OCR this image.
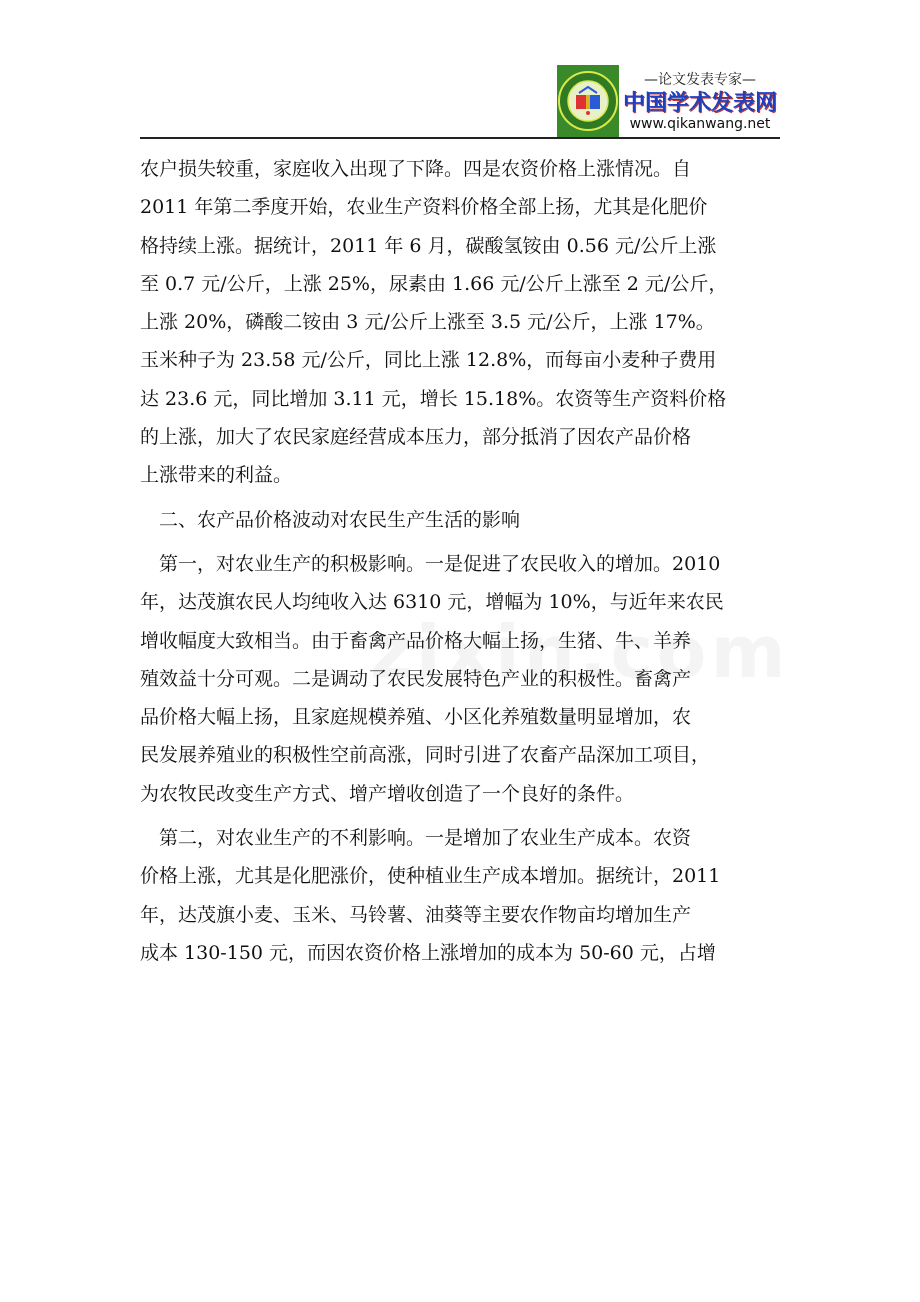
—论文发表专家—
中国学术发表网
www.qikanwang.net
农户损失较重，家庭收入出现了下降。四是农资价格上涨情况。自
2011 年第二季度开始，农业生产资料价格全部上扬，尤其是化肥价
格持续上涨。据统计，2011 年 6 月，碳酸氢铵由 0.56 元/公斤上涨
至 0.7 元/公斤，上涨 25%，尿素由 1.66 元/公斤上涨至 2 元/公斤，
上涨 20%，磷酸二铵由 3 元/公斤上涨至 3.5 元/公斤，上涨 17%。
玉米种子为 23.58 元/公斤，同比上涨 12.8%，而每亩小麦种子费用
达 23.6 元，同比增加 3.11 元，增长 15.18%。农资等生产资料价格
的上涨，加大了农民家庭经营成本压力，部分抵消了因农产品价格
上涨带来的利益。
　二、农产品价格波动对农民生产生活的影响
　第一，对农业生产的积极影响。一是促进了农民收入的增加。2010
年，达茂旗农民人均纯收入达 6310 元，增幅为 10%，与近年来农民
增收幅度大致相当。由于畜禽产品价格大幅上扬，生猪、牛、羊养
殖效益十分可观。二是调动了农民发展特色产业的积极性。畜禽产
品价格大幅上扬，且家庭规模养殖、小区化养殖数量明显增加，农
民发展养殖业的积极性空前高涨，同时引进了农畜产品深加工项目，
为农牧民改变生产方式、增产增收创造了一个良好的条件。
　第二，对农业生产的不利影响。一是增加了农业生产成本。农资
价格上涨，尤其是化肥涨价，使种植业生产成本增加。据统计，2011
年，达茂旗小麦、玉米、马铃薯、油葵等主要农作物亩均增加生产
成本 130-150 元，而因农资价格上涨增加的成本为 50-60 元，占增
